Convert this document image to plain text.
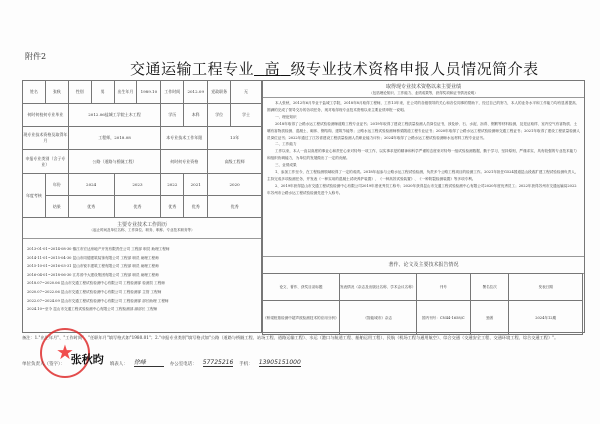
附件2
交通运输工程专业 高 级专业技术资格申报人员情况简介表
姓名	张秋	性别	男	出生年月	1989.10	工作时间	2012.09	党政职务	无
何时何校何专业毕业		2012.06盐城工学院土木工程				学历	本科	学位	学士
现专业技术资格及取得年月		工程师，2018.08				本专业技术工作年限		13年	
申报专业类别（含子专业）		公路（道路与桥隧工程）				何时何专业资格		高级工程师	
年度考核	年份	2024		2023		2022	2021	2020	
	结果	优秀		优秀		优秀	优秀	优秀	
主要专业技术工作简历
（起止时间及单位名称、工作岗位、职务、职称、专业技术职务等）
2013-01-01~2014-08-30 镇江市宏达房地产开发有限责任公司 工程部 职员 助理工程师
2014-11-01~2015-04-30 昆山市同德建筑装饰有限公司 工程部 职员 助理工程师
2015-10-01~2016-03-31 昆山市锐丰建筑工程有限公司 工程部 职员 助理工程师
2016-04-01~2018-06-30 江苏省中大建设集团有限公司 工程部 职员 助理工程师
2018.07~2020.06 昆山市交通工程试验检测中心有限公司 工程检测部 检测员 工程师
2020.07~2022.06 昆山市交通工程试验检测中心有限公司 工程检测部 主管 工程师
2022.07~2024.09 昆山市交通工程试验检测中心有限公司 工程检测部 部长助理 工程师
2024.10~至今 昆山市交通工程试验检测中心有限公司 工程检测部 副部长 工程师
取得现专业技术资格以来主要业绩
（包括理论知识、工作能力、业绩成果等，获得奖项和证书情况说明）

本人张秋，2012年6月毕业于盐城工学院，2018年8月取得工程师，工作13年来，在公司的各级领导的关心和各位同事的帮助下，经过自己的努力，本人的业务水平和工作能力均有显著提高，圆满的完成了领导交办的各项任务，现对取得现专业技术资格以来主要业绩申报一说明。

一、理论知识

2018年取得了公路水运工程试验检测师道路工程专业证书；2019年取得了建设工程质量检测人员岗位证书，涉及砂、石、水泥、沥青、钢筋等材料检测，及见证取样、室内空气有害物质、土壤有害物质检测、混凝土、砌体、钢结构、建筑节能等；公路水运工程试验检测师桥梁隧道工程专业证书；2020年取得了公路水运工程试验检测师交通工程证书；2021年取得了建设工程质量检测人员岗位证书；2022年通过了江苏省建设工程质量检测人员职业能力评价；2024年取得了公路水运工程试验检测师水运材料工程专业证书。

二、工作能力

工作以来，本人一直以高度的事业心和责任心来对待每一项工作，以实事求是的精神和科学严谨的态度来对待每一组试验检测数据，勤于学习，坚持原则，严谨求实，具有较强的专业技术能力和组织协调能力，为单位的发展做出了一定的贡献。

三、业绩成果

1、参加工作至今，在工程检测领域取得了一定的成绩。2018年起参与公路水运工程试验检测，负责多个公路工程项目的检测工作。2021年担任G524国道昆山段改扩建工程试验检测负责人，主持完成多项检测任务，并发表《一种实用的混凝土试块养护装置》、《一种高效试验装置》、《一种防裂检测装置》等多项专利。

2、2019年获得昆山市交通工程试验检测中心有限公司2019年度优秀员工称号；2020年获得昆山市交通工程试验检测中心有限公司2020年度优秀员工；2022年获得苏州市交通运输局2022年苏州市公路水运工程试验检测先进个人称号。

著作、论文及主要技术报告情况
论文、著作、获奖目录标题	发表情况（杂志及出版社名称、学术会议名称）	刊号	署名位次	发表日期
《桥梁桩基检测中超声波检测技术的应用分析》	《智能城市》杂志	国内刊号：CN44-1658/C	独著	2024年12期
备注：1."出生年月"、"工作时间"、"任职年月"填写格式如"1980.01"；2."申报专业类别"填写格式如"公路（道路与桥隧工程、站场工程、道路运输工程）、水运（港口与航道工程、船舶运用工程）、民航（机场工程与通用航空）、综合交通（交通安全工程、交通环境工程、综合交通工程）"。
★
单位负责人（签字）： 张秋昀 填表人： 徐峰	办公室电话： 57725216 手机： 13905151000
